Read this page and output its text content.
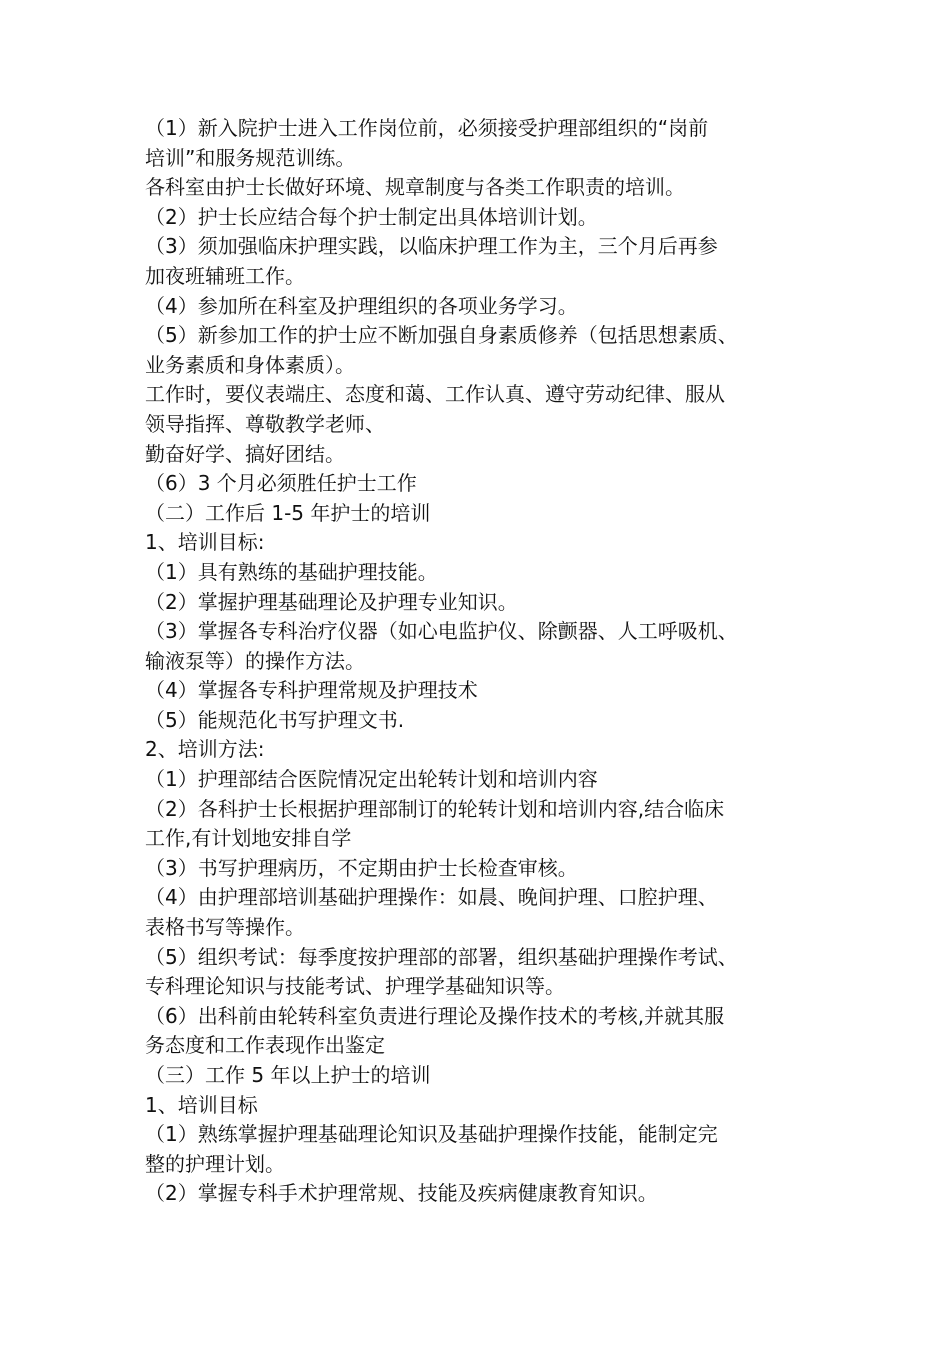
（1）新入院护士进入工作岗位前，必须接受护理部组织的“岗前
培训”和服务规范训练。
各科室由护士长做好环境、规章制度与各类工作职责的培训。
（2）护士长应结合每个护士制定出具体培训计划。
（3）须加强临床护理实践，以临床护理工作为主，三个月后再参
加夜班辅班工作。
（4）参加所在科室及护理组织的各项业务学习。
（5）新参加工作的护士应不断加强自身素质修养（包括思想素质、
业务素质和身体素质）。
工作时，要仪表端庄、态度和蔼、工作认真、遵守劳动纪律、服从
领导指挥、尊敬教学老师、
勤奋好学、搞好团结。
（6）3 个月必须胜任护士工作
（二）工作后 1-5 年护士的培训
1、培训目标:
（1）具有熟练的基础护理技能。
（2）掌握护理基础理论及护理专业知识。
（3）掌握各专科治疗仪器（如心电监护仪、除颤器、人工呼吸机、
输液泵等）的操作方法。
（4）掌握各专科护理常规及护理技术
（5）能规范化书写护理文书.
2、培训方法:
（1）护理部结合医院情况定出轮转计划和培训内容
（2）各科护士长根据护理部制订的轮转计划和培训内容,结合临床
工作,有计划地安排自学
（3）书写护理病历，不定期由护士长检查审核。
（4）由护理部培训基础护理操作：如晨、晚间护理、口腔护理、
表格书写等操作。
（5）组织考试：每季度按护理部的部署，组织基础护理操作考试、
专科理论知识与技能考试、护理学基础知识等。
（6）出科前由轮转科室负责进行理论及操作技术的考核,并就其服
务态度和工作表现作出鉴定
（三）工作 5 年以上护士的培训
1、培训目标
（1）熟练掌握护理基础理论知识及基础护理操作技能，能制定完
整的护理计划。
（2）掌握专科手术护理常规、技能及疾病健康教育知识。
